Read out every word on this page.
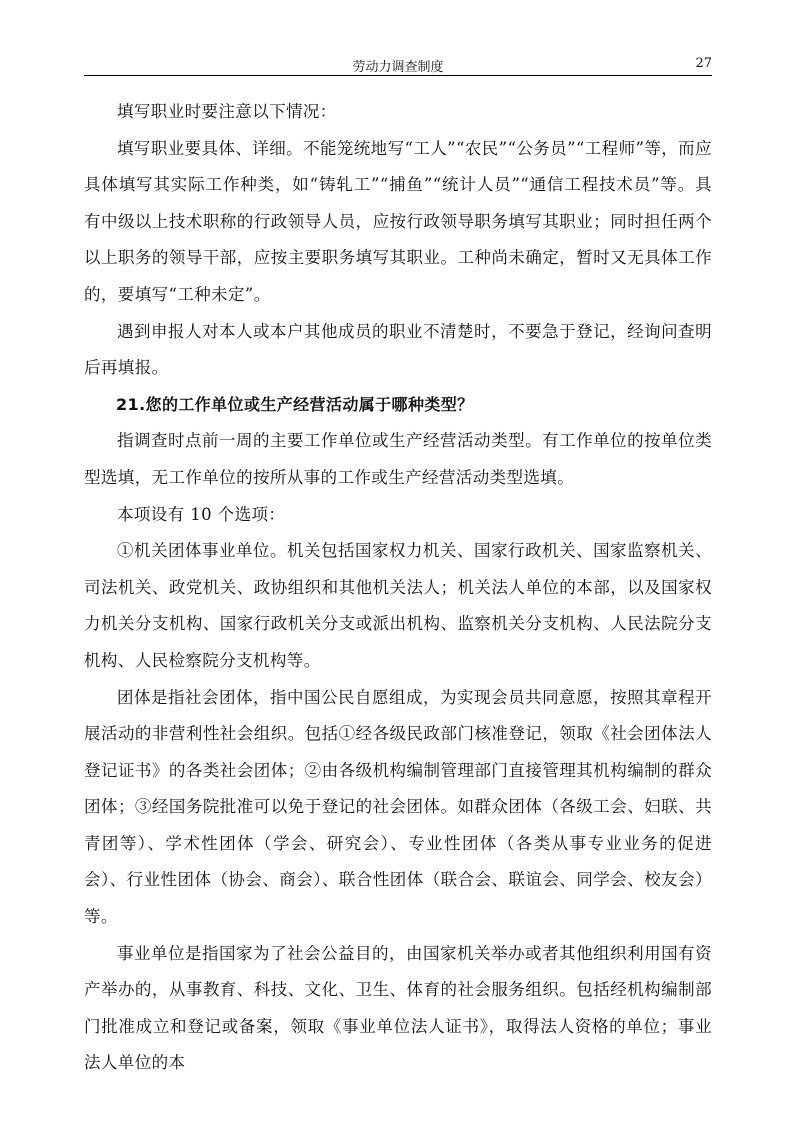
劳动力调查制度	27

填写职业时要注意以下情况：

填写职业要具体、详细。不能笼统地写“工人”“农民”“公务员”“工程师”等，而应具体填写其实际工作种类，如“铸轧工”“捕鱼”“统计人员”“通信工程技术员”等。具有中级以上技术职称的行政领导人员，应按行政领导职务填写其职业；同时担任两个以上职务的领导干部，应按主要职务填写其职业。工种尚未确定，暂时又无具体工作的，要填写“工种未定”。

遇到申报人对本人或本户其他成员的职业不清楚时，不要急于登记，经询问查明后再填报。

21.您的工作单位或生产经营活动属于哪种类型？

指调查时点前一周的主要工作单位或生产经营活动类型。有工作单位的按单位类型选填，无工作单位的按所从事的工作或生产经营活动类型选填。

本项设有 10 个选项：

①机关团体事业单位。机关包括国家权力机关、国家行政机关、国家监察机关、司法机关、政党机关、政协组织和其他机关法人；机关法人单位的本部，以及国家权力机关分支机构、国家行政机关分支或派出机构、监察机关分支机构、人民法院分支机构、人民检察院分支机构等。

团体是指社会团体，指中国公民自愿组成，为实现会员共同意愿，按照其章程开展活动的非营利性社会组织。包括①经各级民政部门核准登记，领取《社会团体法人登记证书》的各类社会团体；②由各级机构编制管理部门直接管理其机构编制的群众团体；③经国务院批准可以免于登记的社会团体。如群众团体（各级工会、妇联、共青团等）、学术性团体（学会、研究会）、专业性团体（各类从事专业业务的促进会）、行业性团体（协会、商会）、联合性团体（联合会、联谊会、同学会、校友会）等。

事业单位是指国家为了社会公益目的，由国家机关举办或者其他组织利用国有资产举办的，从事教育、科技、文化、卫生、体育的社会服务组织。包括经机构编制部门批准成立和登记或备案，领取《事业单位法人证书》，取得法人资格的单位；事业法人单位的本
